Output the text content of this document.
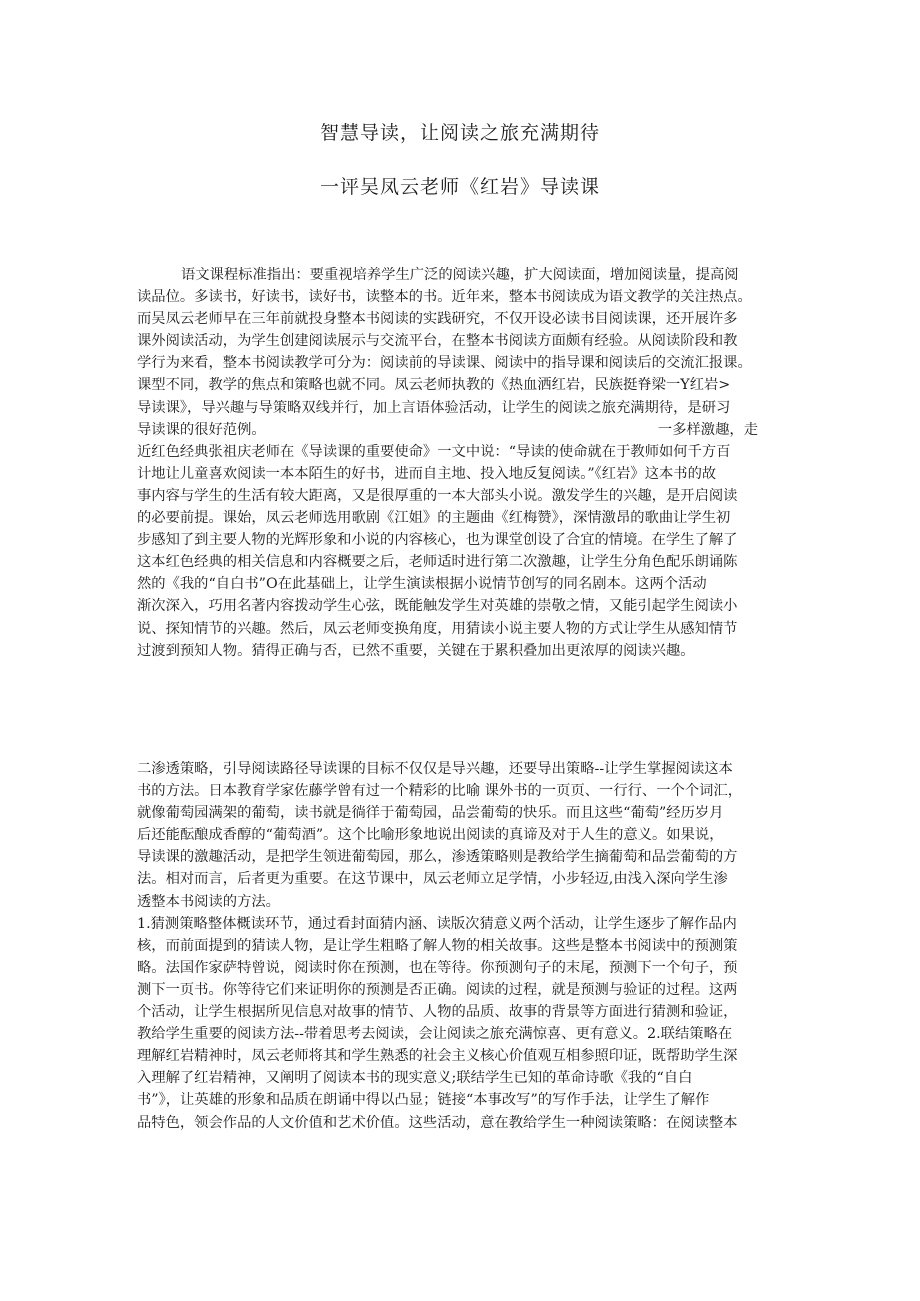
智慧导读，让阅读之旅充满期待
一评吴凤云老师《红岩》导读课
语文课程标准指出：要重视培养学生广泛的阅读兴趣，扩大阅读面，增加阅读量，提高阅
读品位。多读书，好读书，读好书，读整本的书。近年来，整本书阅读成为语文教学的关注热点。
而吴凤云老师早在三年前就投身整本书阅读的实践研究，不仅开设必读书目阅读课，还开展许多
课外阅读活动，为学生创建阅读展示与交流平台，在整本书阅读方面颇有经验。从阅读阶段和教
学行为来看，整本书阅读教学可分为：阅读前的导读课、阅读中的指导课和阅读后的交流汇报课。
课型不同，教学的焦点和策略也就不同。凤云老师执教的《热血洒红岩，民族挺脊梁一Y红岩>
导读课》，导兴趣与导策略双线并行，加上言语体验活动，让学生的阅读之旅充满期待，是研习
导读课的很好范例。	一多样激趣，走
近红色经典张祖庆老师在《导读课的重要使命》一文中说：“导读的使命就在于教师如何千方百
计地让儿童喜欢阅读一本本陌生的好书，进而自主地、投入地反复阅读。”《红岩》这本书的故
事内容与学生的生活有较大距离，又是很厚重的一本大部头小说。激发学生的兴趣，是开启阅读
的必要前提。课始，凤云老师选用歌剧《江姐》的主题曲《红梅赞》，深情激昂的歌曲让学生初
步感知了到主要人物的光辉形象和小说的内容核心，也为课堂创设了合宜的情境。在学生了解了
这本红色经典的相关信息和内容概要之后，老师适时进行第二次激趣，让学生分角色配乐朗诵陈
然的《我的“自白书”O在此基础上，让学生演读根据小说情节创写的同名剧本。这两个活动
渐次深入，巧用名著内容拨动学生心弦，既能触发学生对英雄的崇敬之情，又能引起学生阅读小
说、探知情节的兴趣。然后，凤云老师变换角度，用猜读小说主要人物的方式让学生从感知情节
过渡到预知人物。猜得正确与否，已然不重要，关键在于累积叠加出更浓厚的阅读兴趣。
二渗透策略，引导阅读路径导读课的目标不仅仅是导兴趣，还要导出策略--让学生掌握阅读这本
书的方法。日本教育学家佐藤学曾有过一个精彩的比喻 课外书的一页页、一行行、一个个词汇，
就像葡萄园满架的葡萄，读书就是徜徉于葡萄园，品尝葡萄的快乐。而且这些“葡萄”经历岁月
后还能酝酿成香醇的“葡萄酒”。这个比喻形象地说出阅读的真谛及对于人生的意义。如果说，
导读课的激趣活动，是把学生领进葡萄园，那么，渗透策略则是教给学生摘葡萄和品尝葡萄的方
法。相对而言，后者更为重要。在这节课中，凤云老师立足学情，小步轻迈,由浅入深向学生渗
透整本书阅读的方法。
1.猜测策略整体概读环节，通过看封面猜内涵、读版次猜意义两个活动，让学生逐步了解作品内
核，而前面提到的猜读人物，是让学生粗略了解人物的相关故事。这些是整本书阅读中的预测策
略。法国作家萨特曾说，阅读时你在预测，也在等待。你预测句子的末尾，预测下一个句子，预
测下一页书。你等待它们来证明你的预测是否正确。阅读的过程，就是预测与验证的过程。这两
个活动，让学生根据所见信息对故事的情节、人物的品质、故事的背景等方面进行猜测和验证，
教给学生重要的阅读方法--带着思考去阅读，会让阅读之旅充满惊喜、更有意义。2.联结策略在
理解红岩精神时，凤云老师将其和学生熟悉的社会主义核心价值观互相参照印证，既帮助学生深
入理解了红岩精神，又阐明了阅读本书的现实意义;联结学生已知的革命诗歌《我的“自白
书”》，让英雄的形象和品质在朗诵中得以凸显；链接“本事改写”的写作手法，让学生了解作
品特色，领会作品的人文价值和艺术价值。这些活动，意在教给学生一种阅读策略：在阅读整本
